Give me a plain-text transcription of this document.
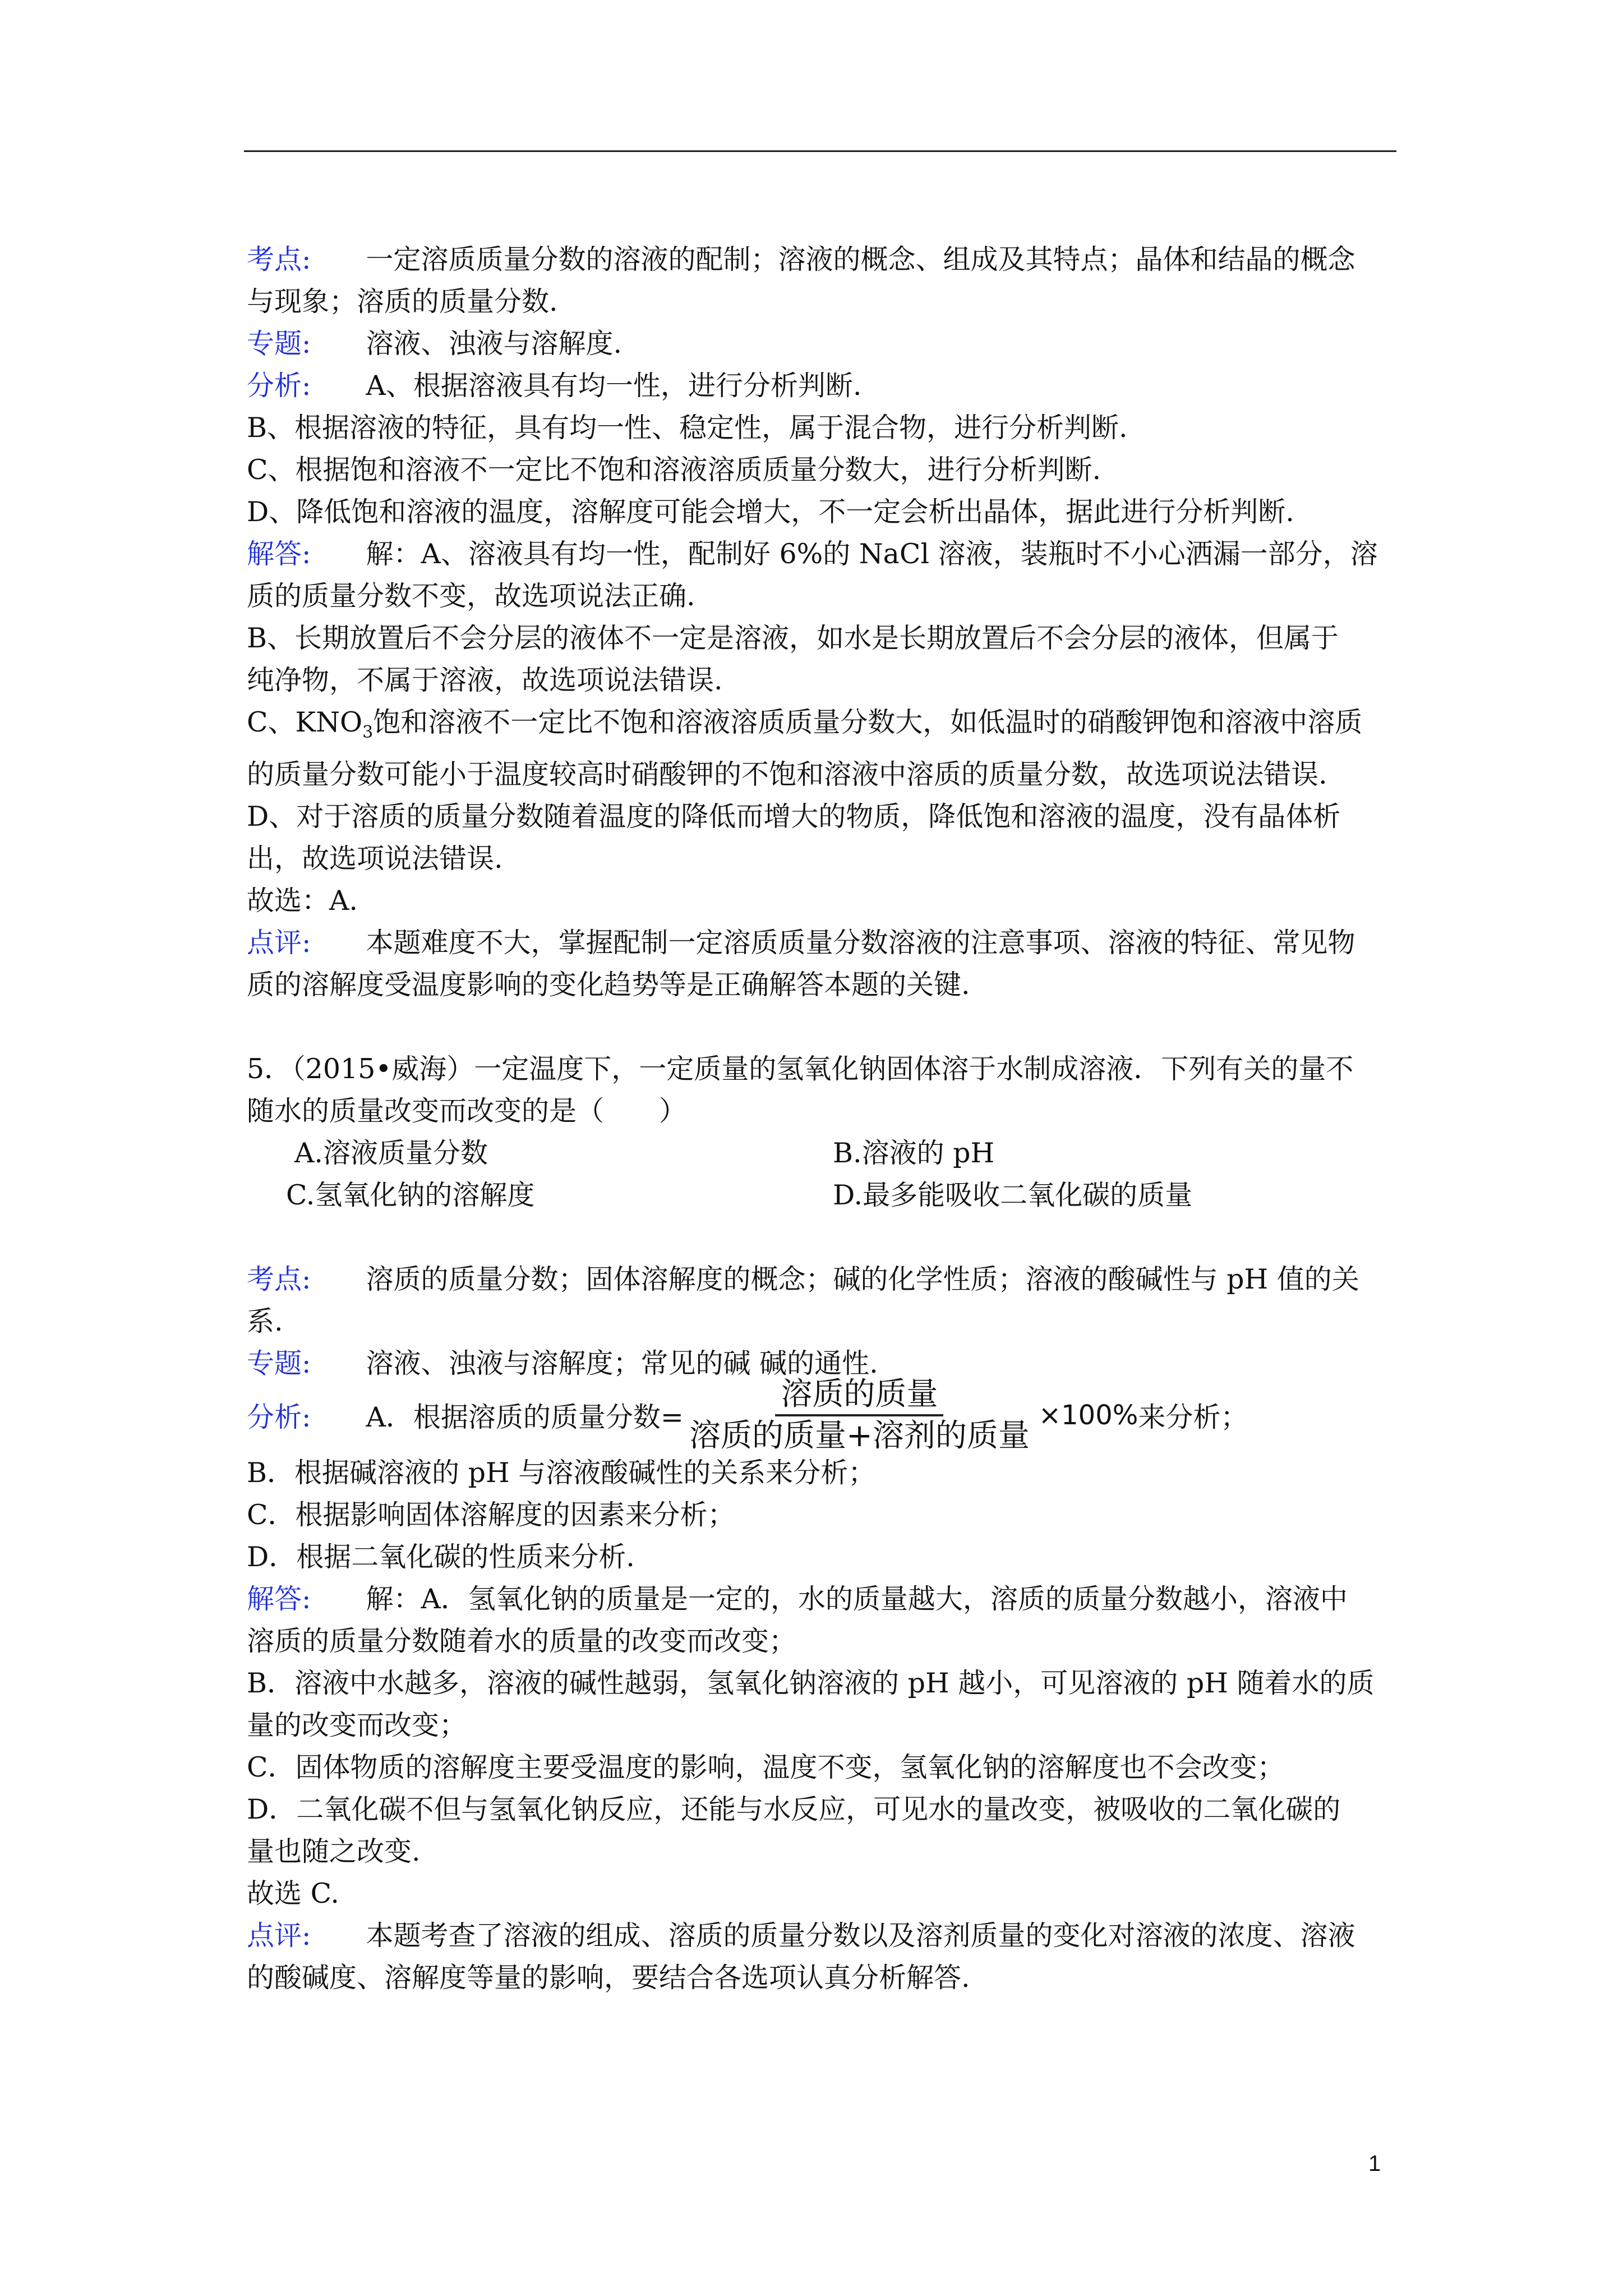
考点:　　 一定溶质质量分数的溶液的配制；溶液的概念、组成及其特点；晶体和结晶的概念

与现象；溶质的质量分数.

专题:　　 溶液、浊液与溶解度.

分析:　　 A、根据溶液具有均一性，进行分析判断.

B、根据溶液的特征，具有均一性、稳定性，属于混合物，进行分析判断.

C、根据饱和溶液不一定比不饱和溶液溶质质量分数大，进行分析判断.

D、降低饱和溶液的温度，溶解度可能会增大，不一定会析出晶体，据此进行分析判断.

解答:　　 解：A、溶液具有均一性，配制好 6%的 NaCl 溶液，装瓶时不小心洒漏一部分，溶

质的质量分数不变，故选项说法正确.

B、长期放置后不会分层的液体不一定是溶液，如水是长期放置后不会分层的液体，但属于

纯净物，不属于溶液，故选项说法错误.

C、$KNO_3$饱和溶液不一定比不饱和溶液溶质质量分数大，如低温时的硝酸钾饱和溶液中溶质

的质量分数可能小于温度较高时硝酸钾的不饱和溶液中溶质的质量分数，故选项说法错误.

D、对于溶质的质量分数随着温度的降低而增大的物质，降低饱和溶液的温度，没有晶体析

出，故选项说法错误.

故选：A.

点评:　　 本题难度不大，掌握配制一定溶质质量分数溶液的注意事项、溶液的特征、常见物

质的溶解度受温度影响的变化趋势等是正确解答本题的关键.

5．（2015•威海）一定温度下，一定质量的氢氧化钠固体溶于水制成溶液．下列有关的量不

随水的质量改变而改变的是（　　）

A.溶液质量分数	B.溶液的 pH
C.氢氧化钠的溶解度	D.最多能吸收二氧化碳的质量

考点:　　 溶质的质量分数；固体溶解度的概念；碱的化学性质；溶液的酸碱性与 pH 值的关

系.

专题:　　 溶液、浊液与溶解度；常见的碱 碱的通性.

分析: A．根据溶质的质量分数= $\frac{\text{溶质的质量}}{\text{溶质的质量+溶剂的质量}} \times 100\%$ 来分析；

B．根据碱溶液的 pH 与溶液酸碱性的关系来分析；

C．根据影响固体溶解度的因素来分析；

D．根据二氧化碳的性质来分析.

解答:　　 解：A．氢氧化钠的质量是一定的，水的质量越大，溶质的质量分数越小，溶液中

溶质的质量分数随着水的质量的改变而改变；

B．溶液中水越多，溶液的碱性越弱，氢氧化钠溶液的 pH 越小，可见溶液的 pH 随着水的质

量的改变而改变；

C．固体物质的溶解度主要受温度的影响，温度不变，氢氧化钠的溶解度也不会改变；

D．二氧化碳不但与氢氧化钠反应，还能与水反应，可见水的量改变，被吸收的二氧化碳的

量也随之改变.

故选 C.

点评:　　 本题考查了溶液的组成、溶质的质量分数以及溶剂质量的变化对溶液的浓度、溶液

的酸碱度、溶解度等量的影响，要结合各选项认真分析解答.

1
